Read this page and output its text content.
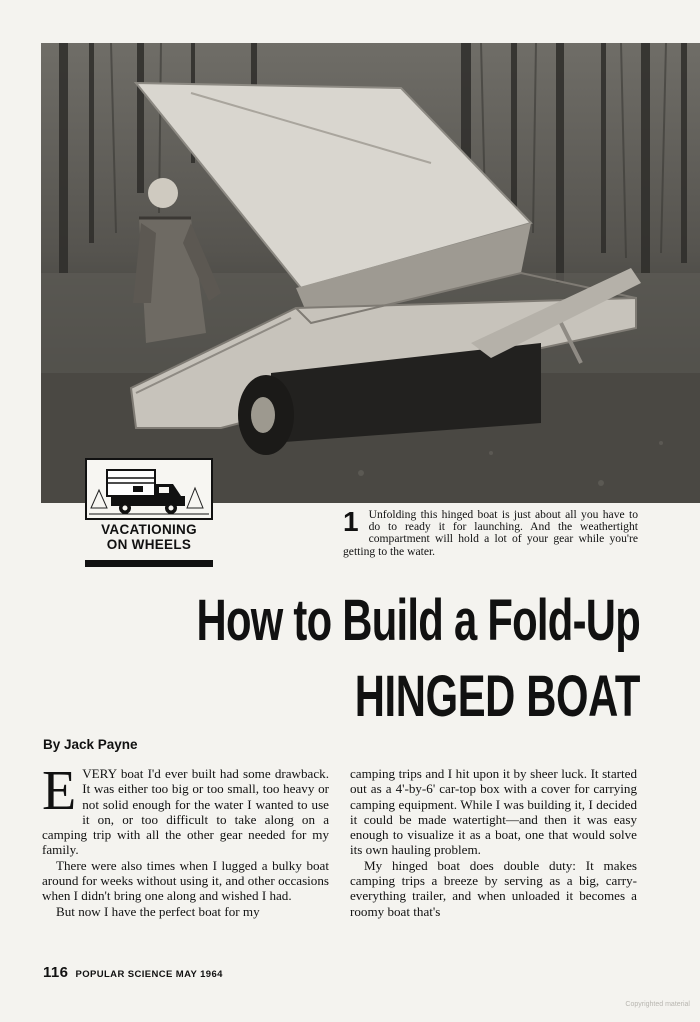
VACATIONING
ON WHEELS
1 Unfolding this hinged boat is just about all you have to do to ready it for launching. And the weathertight compartment will hold a lot of your gear while you're getting to the water.
How to Build a Fold-Up
HINGED BOAT
By Jack Payne

EVERY boat I'd ever built had some drawback. It was either too big or too small, too heavy or not solid enough for the water I wanted to use it on, or too difficult to take along on a camping trip with all the other gear needed for my family.

There were also times when I lugged a bulky boat around for weeks without using it, and other occasions when I didn't bring one along and wished I had.

But now I have the perfect boat for my

camping trips and I hit upon it by sheer luck. It started out as a 4'-by-6' car-top box with a cover for carrying camping equipment. While I was building it, I decided it could be made watertight—and then it was easy enough to visualize it as a boat, one that would solve its own hauling problem.

My hinged boat does double duty: It makes camping trips a breeze by serving as a big, carry-everything trailer, and when unloaded it becomes a roomy boat that's

116 POPULAR SCIENCE MAY 1964
Copyrighted material
